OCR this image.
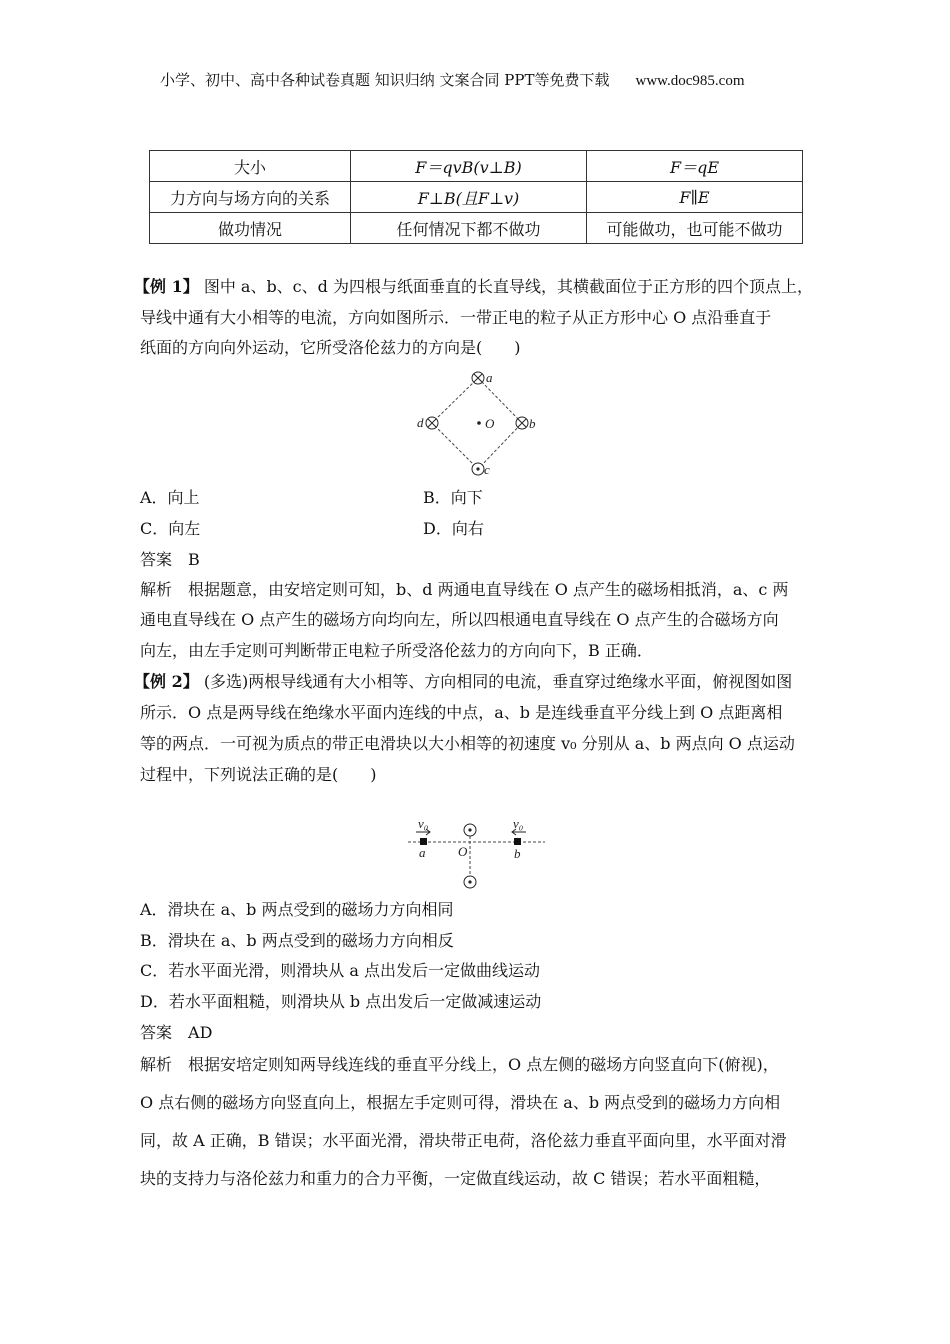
小学、初中、高中各种试卷真题 知识归纳 文案合同 PPT等免费下载 www.doc985.com
大小	F＝qvB(v⊥B)	F＝qE
力方向与场方向的关系	F⊥B(且F⊥v)	F∥E
做功情况	任何情况下都不做功	可能做功，也可能不做功
【例 1】 图中 a、b、c、d 为四根与纸面垂直的长直导线，其横截面位于正方形的四个顶点上，
导线中通有大小相等的电流，方向如图所示．一带正电的粒子从正方形中心 O 点沿垂直于
纸面的方向向外运动，它所受洛伦兹力的方向是(　　)
a
b
c
d	O
A．向上	B．向下
C．向左	D．向右
答案　 B
解析　 根据题意，由安培定则可知，b、d 两通电直导线在 O 点产生的磁场相抵消，a、c 两
通电直导线在 O 点产生的磁场方向均向左，所以四根通电直导线在 O 点产生的合磁场方向
向左，由左手定则可判断带正电粒子所受洛伦兹力的方向向下，B 正确．
【例 2】 (多选)两根导线通有大小相等、方向相同的电流，垂直穿过绝缘水平面，俯视图如图
所示．O 点是两导线在绝缘水平面内连线的中点，a、b 是连线垂直平分线上到 O 点距离相
等的两点．一可视为质点的带正电滑块以大小相等的初速度 v₀ 分别从 a、b 两点向 O 点运动
过程中，下列说法正确的是(　　)
v₀	v₀
a	b
O
A．滑块在 a、b 两点受到的磁场力方向相同
B．滑块在 a、b 两点受到的磁场力方向相反
C．若水平面光滑，则滑块从 a 点出发后一定做曲线运动
D．若水平面粗糙，则滑块从 b 点出发后一定做减速运动
答案　 AD
解析　 根据安培定则知两导线连线的垂直平分线上，O 点左侧的磁场方向竖直向下(俯视)，
O 点右侧的磁场方向竖直向上，根据左手定则可得，滑块在 a、b 两点受到的磁场力方向相
同，故 A 正确，B 错误；水平面光滑，滑块带正电荷，洛伦兹力垂直平面向里，水平面对滑
块的支持力与洛伦兹力和重力的合力平衡，一定做直线运动，故 C 错误；若水平面粗糙，
